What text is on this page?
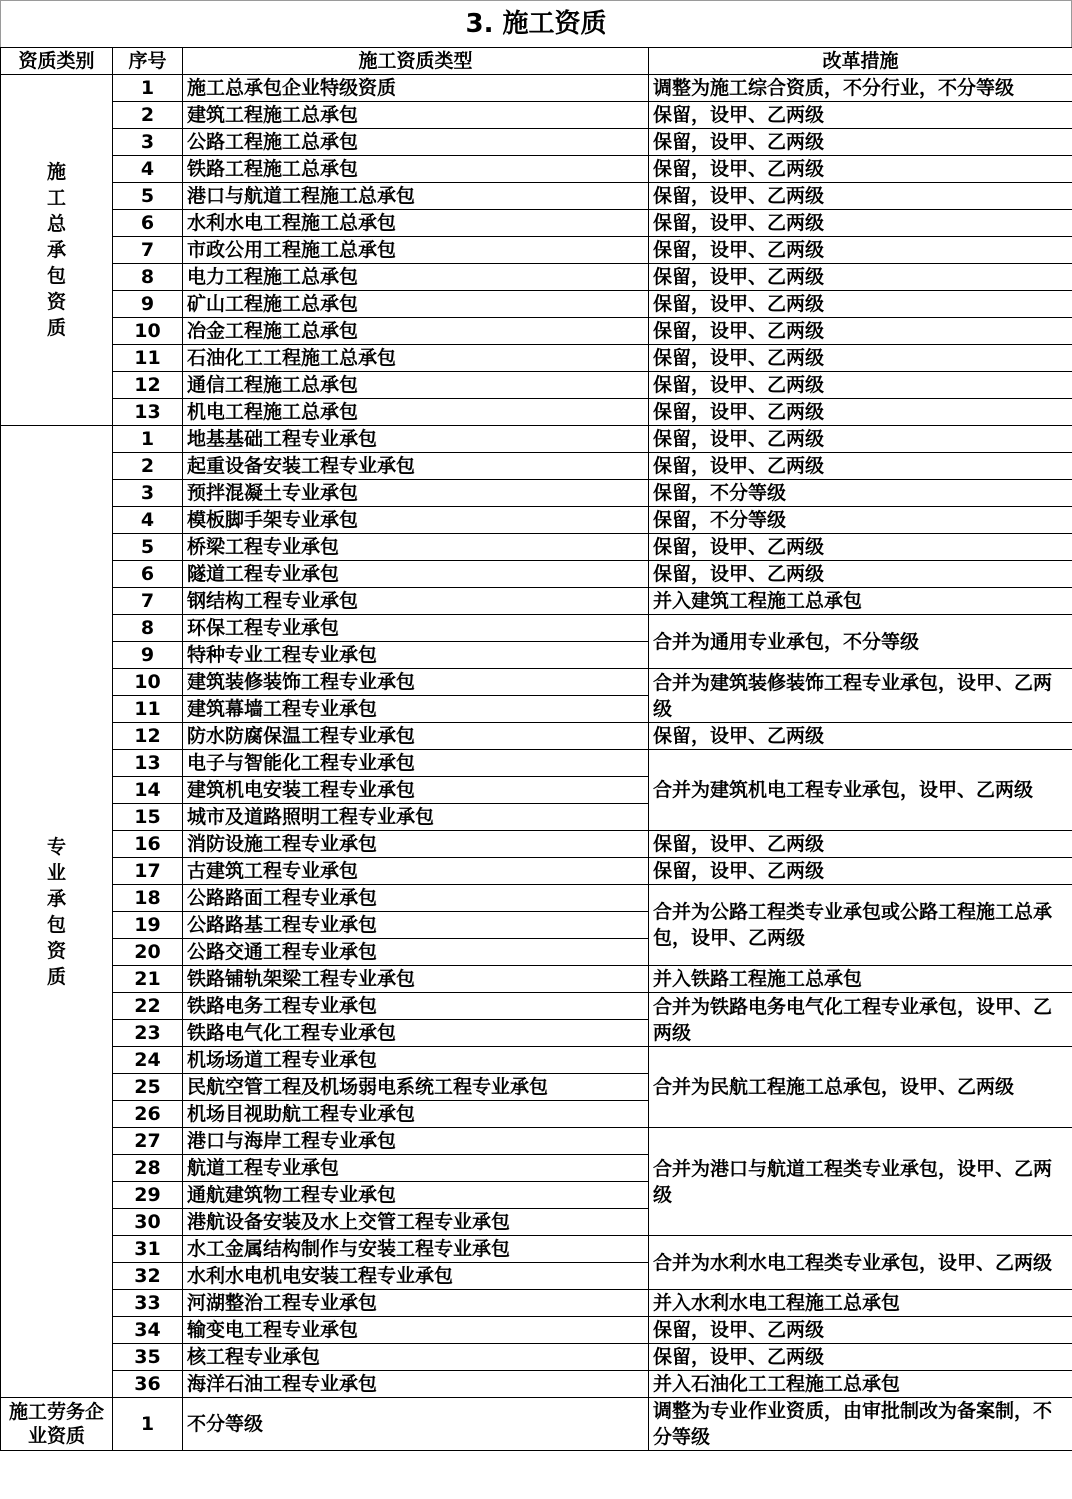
3. 施工资质
资质类别	序号	施工资质类型	改革措施
施工总承包资质	1	施工总承包企业特级资质	调整为施工综合资质，不分行业，不分等级
	2	建筑工程施工总承包	保留，设甲、乙两级
	3	公路工程施工总承包	保留，设甲、乙两级
	4	铁路工程施工总承包	保留，设甲、乙两级
	5	港口与航道工程施工总承包	保留，设甲、乙两级
	6	水利水电工程施工总承包	保留，设甲、乙两级
	7	市政公用工程施工总承包	保留，设甲、乙两级
	8	电力工程施工总承包	保留，设甲、乙两级
	9	矿山工程施工总承包	保留，设甲、乙两级
	10	冶金工程施工总承包	保留，设甲、乙两级
	11	石油化工工程施工总承包	保留，设甲、乙两级
	12	通信工程施工总承包	保留，设甲、乙两级
	13	机电工程施工总承包	保留，设甲、乙两级
专业承包资质	1	地基基础工程专业承包	保留，设甲、乙两级
	2	起重设备安装工程专业承包	保留，设甲、乙两级
	3	预拌混凝土专业承包	保留，不分等级
	4	模板脚手架专业承包	保留，不分等级
	5	桥梁工程专业承包	保留，设甲、乙两级
	6	隧道工程专业承包	保留，设甲、乙两级
	7	钢结构工程专业承包	并入建筑工程施工总承包
	8	环保工程专业承包	合并为通用专业承包，不分等级
	9	特种专业工程专业承包	
	10	建筑装修装饰工程专业承包	合并为建筑装修装饰工程专业承包，设甲、乙两级
	11	建筑幕墙工程专业承包	
	12	防水防腐保温工程专业承包	保留，设甲、乙两级
	13	电子与智能化工程专业承包	合并为建筑机电工程专业承包，设甲、乙两级
	14	建筑机电安装工程专业承包	
	15	城市及道路照明工程专业承包	
	16	消防设施工程专业承包	保留，设甲、乙两级
	17	古建筑工程专业承包	保留，设甲、乙两级
	18	公路路面工程专业承包	合并为公路工程类专业承包或公路工程施工总承包，设甲、乙两级
	19	公路路基工程专业承包	
	20	公路交通工程专业承包	
	21	铁路铺轨架梁工程专业承包	并入铁路工程施工总承包
	22	铁路电务工程专业承包	合并为铁路电务电气化工程专业承包，设甲、乙两级
	23	铁路电气化工程专业承包	
	24	机场场道工程专业承包	合并为民航工程施工总承包，设甲、乙两级
	25	民航空管工程及机场弱电系统工程专业承包	
	26	机场目视助航工程专业承包	
	27	港口与海岸工程专业承包	合并为港口与航道工程类专业承包，设甲、乙两级
	28	航道工程专业承包	
	29	通航建筑物工程专业承包	
	30	港航设备安装及水上交管工程专业承包	
	31	水工金属结构制作与安装工程专业承包	合并为水利水电工程类专业承包，设甲、乙两级
	32	水利水电机电安装工程专业承包	
	33	河湖整治工程专业承包	并入水利水电工程施工总承包
	34	输变电工程专业承包	保留，设甲、乙两级
	35	核工程专业承包	保留，设甲、乙两级
	36	海洋石油工程专业承包	并入石油化工工程施工总承包
施工劳务企业资质	1	不分等级	调整为专业作业资质，由审批制改为备案制，不分等级
